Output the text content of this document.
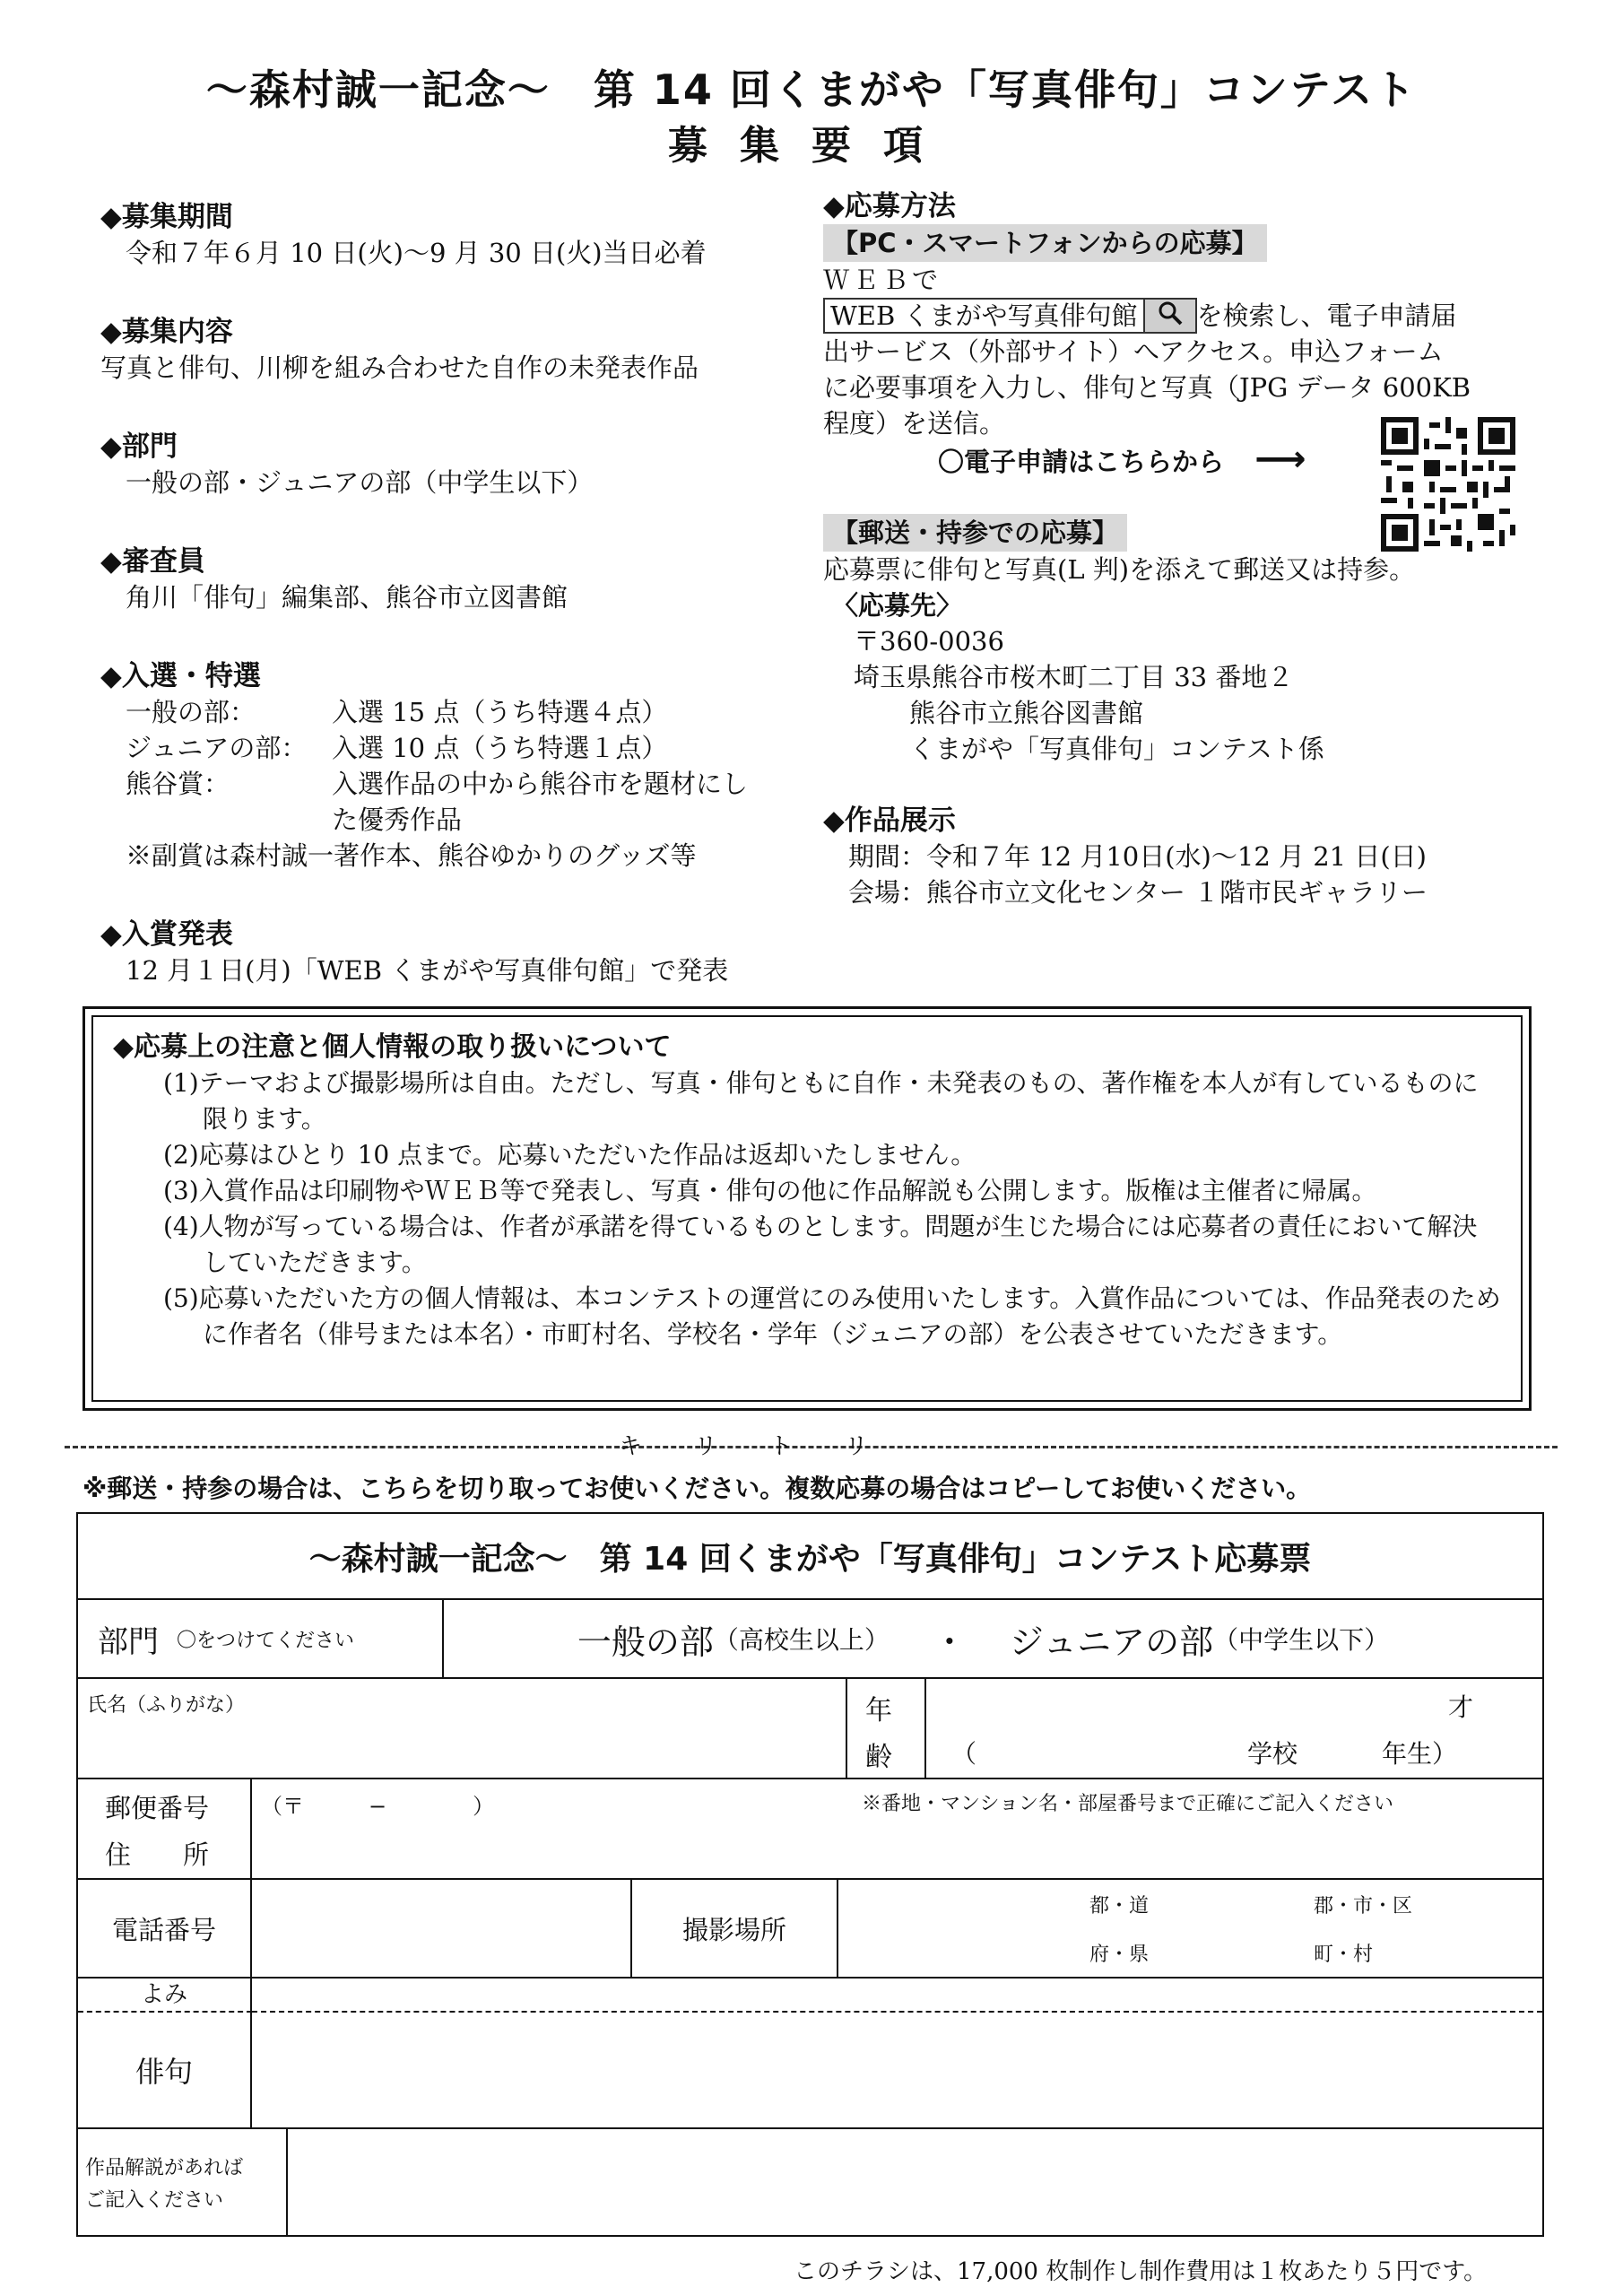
〜森村誠一記念〜　第 14 回くまがや「写真俳句」コンテスト
募集要項
◆募集期間
令和７年６月 10 日(火)〜9 月 30 日(火)当日必着
◆募集内容
写真と俳句、川柳を組み合わせた自作の未発表作品
◆部門
一般の部・ジュニアの部（中学生以下）
◆審査員
角川「俳句」編集部、熊谷市立図書館
◆入選・特選
一般の部：	入選 15 点（うち特選４点）
ジュニアの部： 入選 10 点（うち特選１点）
熊谷賞：	入選作品の中から熊谷市を題材にした優秀作品
※副賞は森村誠一著作本、熊谷ゆかりのグッズ等
◆入賞発表
12 月１日(月)「WEB くまがや写真俳句館」で発表
◆応募方法
【PC・スマートフォンからの応募】
ＷＥＢで
WEB くまがや写真俳句館 を検索し、電子申請届
出サービス（外部サイト）へアクセス。申込フォーム
に必要事項を入力し、俳句と写真（JPG データ 600KB
程度）を送信。
〇電子申請はこちらから ⟶
【郵送・持参での応募】
応募票に俳句と写真(L 判)を添えて郵送又は持参。
〈応募先〉
〒360-0036
埼玉県熊谷市桜木町二丁目 33 番地２
熊谷市立熊谷図書館
くまがや「写真俳句」コンテスト係
◆作品展示
期間：令和７年 12 月10日(水)〜12 月 21 日(日)
会場：熊谷市立文化センター １階市民ギャラリー
◆応募上の注意と個人情報の取り扱いについて
(1)テーマおよび撮影場所は自由。ただし、写真・俳句ともに自作・未発表のもの、著作権を本人が有しているものに限ります。
(2)応募はひとり 10 点まで。応募いただいた作品は返却いたしません。
(3)入賞作品は印刷物やＷＥＢ等で発表し、写真・俳句の他に作品解説も公開します。版権は主催者に帰属。
(4)人物が写っている場合は、作者が承諾を得ているものとします。問題が生じた場合には応募者の責任において解決していただきます。
(5)応募いただいた方の個人情報は、本コンテストの運営にのみ使用いたします。入賞作品については、作品発表のために作者名（俳号または本名）・市町村名、学校名・学年（ジュニアの部）を公表させていただきます。
キリトリ
※郵送・持参の場合は、こちらを切り取ってお使いください。複数応募の場合はコピーしてお使いください。
〜森村誠一記念〜　第 14 回くまがや「写真俳句」コンテスト応募票
部門 〇をつけてください	一般の部 （高校生以上） ・ ジュニアの部 （中学生以下）
氏名（ふりがな）	年
齢
才
（	学校	年生）
郵便番号
住　　所
（〒　　　−　　　　）	※番地・マンション名・部屋番号まで正確にご記入ください
電話番号	撮影場所
都・道
府・県
郡・市・区
町・村
よみ
俳句
作品解説があれば
ご記入ください
このチラシは、17,000 枚制作し制作費用は１枚あたり５円です。
